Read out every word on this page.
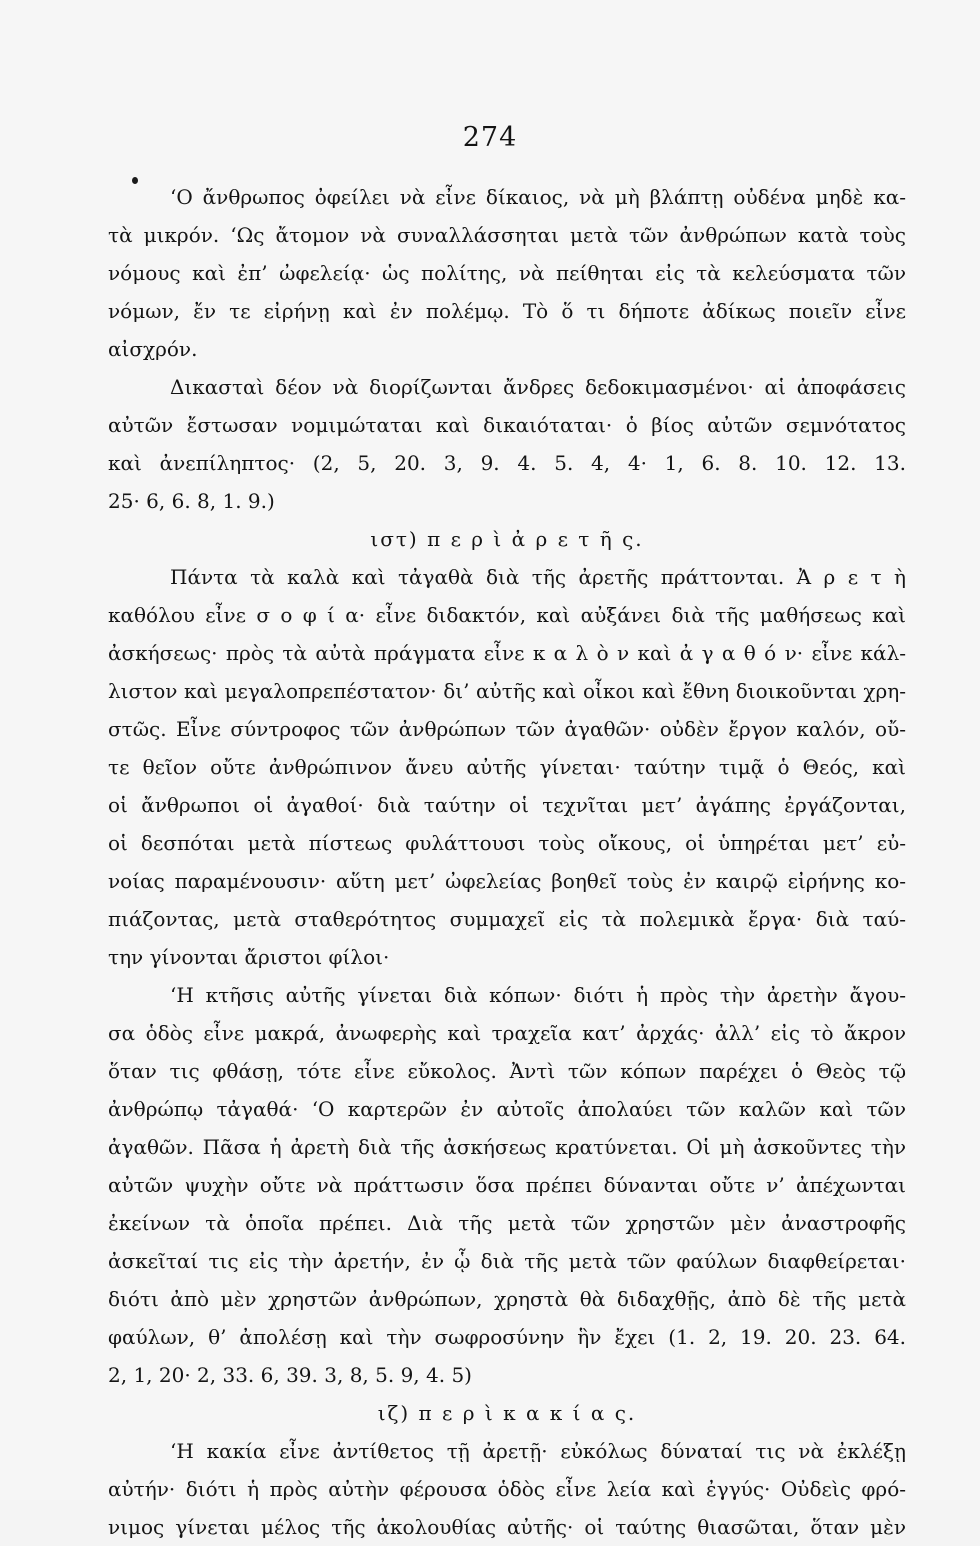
274
‘Ο ἄνθρωπος ὀφείλει νὰ εἶνε δίκαιος, νὰ μὴ βλάπτῃ οὐδένα μηδὲ κα-
τὰ μικρόν. ‘Ως ἄτομον νὰ συναλλάσσηται μετὰ τῶν ἀνθρώπων κατὰ τοὺς
νόμους καὶ ἐπ’ ὠφελείᾳ· ὡς πολίτης, νὰ πείθηται εἰς τὰ κελεύσματα τῶν
νόμων, ἔν τε εἰρήνῃ καὶ ἐν πολέμῳ. Τὸ ὅ τι δήποτε ἀδίκως ποιεῖν εἶνε
αἰσχρόν.
Δικασταὶ δέον νὰ διορίζωνται ἄνδρες δεδοκιμασμένοι· αἱ ἀποφάσεις
αὐτῶν ἔστωσαν νομιμώταται καὶ δικαιόταται· ὁ βίος αὐτῶν σεμνότατος
καὶ ἀνεπίληπτος· (2, 5, 20. 3, 9. 4. 5. 4, 4· 1, 6. 8. 10. 12. 13.
25· 6, 6. 8, 1. 9.)
ιστ) π ε ρ ὶ ἀ ρ ε τ ῆ ς.
Πάντα τὰ καλὰ καὶ τἀγαθὰ διὰ τῆς ἀρετῆς πράττονται. Ἀ ρ ε τ ὴ
καθόλου εἶνε σ ο φ ί α· εἶνε διδακτόν, καὶ αὐξάνει διὰ τῆς μαθήσεως καὶ
ἀσκήσεως· πρὸς τὰ αὐτὰ πράγματα εἶνε κ α λ ὸ ν καὶ ἀ γ α θ ό ν· εἶνε κάλ-
λιστον καὶ μεγαλοπρεπέστατον· δι’ αὐτῆς καὶ οἶκοι καὶ ἔθνη διοικοῦνται χρη-
στῶς. Εἶνε σύντροφος τῶν ἀνθρώπων τῶν ἀγαθῶν· οὐδὲν ἔργον καλόν, οὔ-
τε θεῖον οὔτε ἀνθρώπινον ἄνευ αὐτῆς γίνεται· ταύτην τιμᾷ ὁ Θεός, καὶ
οἱ ἄνθρωποι οἱ ἀγαθοί· διὰ ταύτην οἱ τεχνῖται μετ’ ἀγάπης ἐργάζονται,
οἱ δεσπόται μετὰ πίστεως φυλάττουσι τοὺς οἴκους, οἱ ὑπηρέται μετ’ εὐ-
νοίας παραμένουσιν· αὕτη μετ’ ὠφελείας βοηθεῖ τοὺς ἐν καιρῷ εἰρήνης κο-
πιάζοντας, μετὰ σταθερότητος συμμαχεῖ εἰς τὰ πολεμικὰ ἔργα· διὰ ταύ-
την γίνονται ἄριστοι φίλοι·
‘Η κτῆσις αὐτῆς γίνεται διὰ κόπων· διότι ἡ πρὸς τὴν ἀρετὴν ἄγου-
σα ὁδὸς εἶνε μακρά, ἀνωφερὴς καὶ τραχεῖα κατ’ ἀρχάς· ἀλλ’ εἰς τὸ ἄκρον
ὅταν τις φθάσῃ, τότε εἶνε εὔκολος. Ἀντὶ τῶν κόπων παρέχει ὁ Θεὸς τῷ
ἀνθρώπῳ τἀγαθά· ‘Ο καρτερῶν ἐν αὐτοῖς ἀπολαύει τῶν καλῶν καὶ τῶν
ἀγαθῶν. Πᾶσα ἡ ἀρετὴ διὰ τῆς ἀσκήσεως κρατύνεται. Οἱ μὴ ἀσκοῦντες τὴν
αὐτῶν ψυχὴν οὔτε νὰ πράττωσιν ὅσα πρέπει δύνανται οὔτε ν’ ἀπέχωνται
ἐκείνων τὰ ὁποῖα πρέπει. Διὰ τῆς μετὰ τῶν χρηστῶν μὲν ἀναστροφῆς
ἀσκεῖταί τις εἰς τὴν ἀρετήν, ἐν ᾧ διὰ τῆς μετὰ τῶν φαύλων διαφθείρεται·
διότι ἀπὸ μὲν χρηστῶν ἀνθρώπων, χρηστὰ θὰ διδαχθῇς, ἀπὸ δὲ τῆς μετὰ
φαύλων, θ’ ἀπολέσῃ καὶ τὴν σωφροσύνην ἣν ἔχει (1. 2, 19. 20. 23. 64.
2, 1, 20· 2, 33. 6, 39. 3, 8, 5. 9, 4. 5)
ιζ) π ε ρ ὶ κ α κ ί α ς.
‘Η κακία εἶνε ἀντίθετος τῇ ἀρετῇ· εὐκόλως δύναταί τις νὰ ἐκλέξῃ
αὐτήν· διότι ἡ πρὸς αὐτὴν φέρουσα ὁδὸς εἶνε λεία καὶ ἐγγύς· Οὐδεὶς φρό-
νιμος γίνεται μέλος τῆς ἀκολουθίας αὐτῆς· οἱ ταύτης θιασῶται, ὅταν μὲν
